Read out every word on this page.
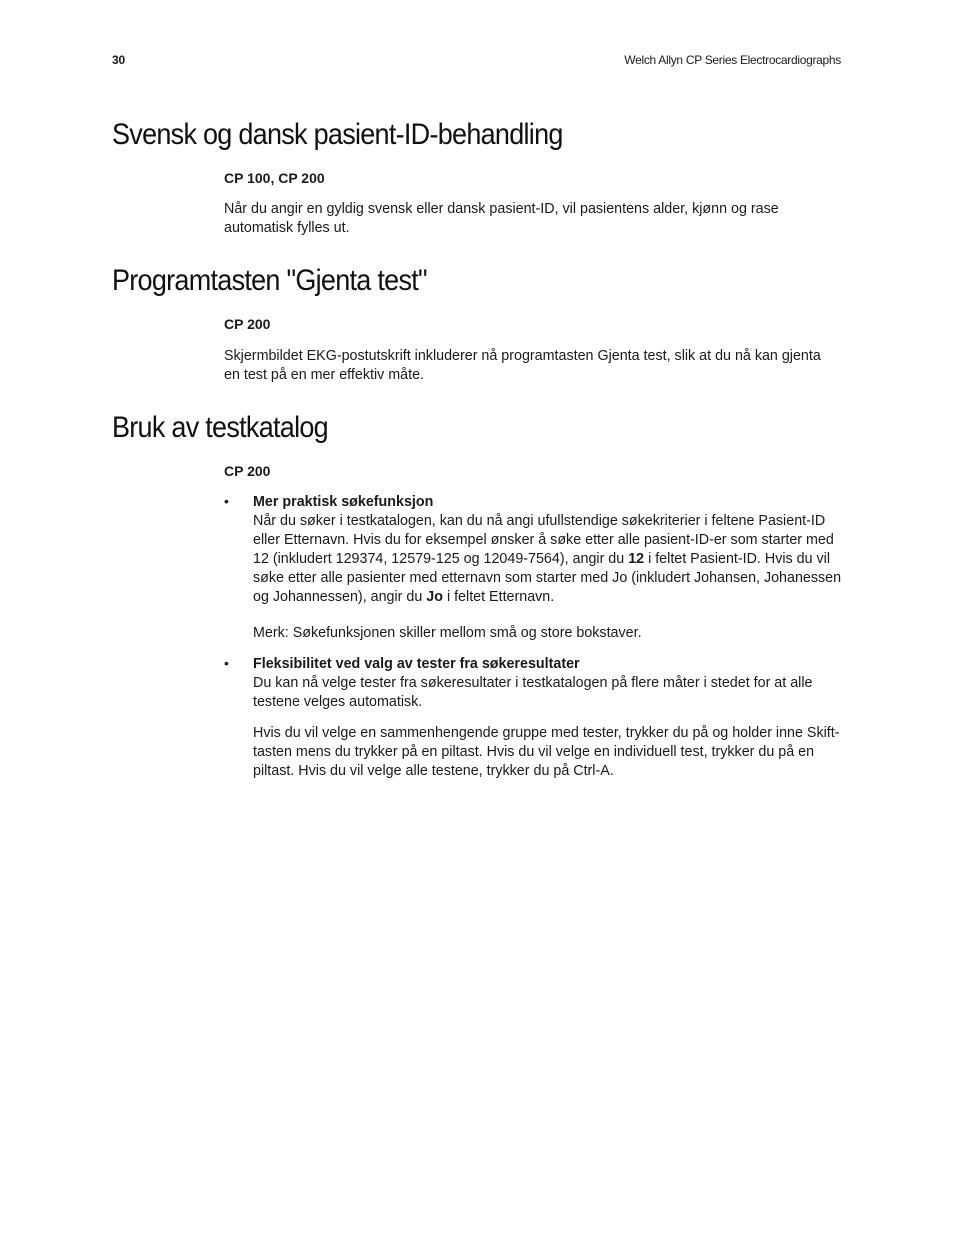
30	Welch Allyn CP Series Electrocardiographs
Svensk og dansk pasient-ID-behandling

CP 100, CP 200

Når du angir en gyldig svensk eller dansk pasient-ID, vil pasientens alder, kjønn og rase automatisk fylles ut.

Programtasten "Gjenta test"

CP 200

Skjermbildet EKG-postutskrift inkluderer nå programtasten Gjenta test, slik at du nå kan gjenta en test på en mer effektiv måte.

Bruk av testkatalog

CP 200

• Mer praktisk søkefunksjon
Når du søker i testkatalogen, kan du nå angi ufullstendige søkekriterier i feltene Pasient-ID eller Etternavn. Hvis du for eksempel ønsker å søke etter alle pasient-ID-er som starter med 12 (inkludert 129374, 12579-125 og 12049-7564), angir du 12 i feltet Pasient-ID. Hvis du vil søke etter alle pasienter med etternavn som starter med Jo (inkludert Johansen, Johanessen og Johannessen), angir du Jo i feltet Etternavn.

Merk: Søkefunksjonen skiller mellom små og store bokstaver.

• Fleksibilitet ved valg av tester fra søkeresultater
Du kan nå velge tester fra søkeresultater i testkatalogen på flere måter i stedet for at alle testene velges automatisk.

Hvis du vil velge en sammenhengende gruppe med tester, trykker du på og holder inne Skift-tasten mens du trykker på en piltast. Hvis du vil velge en individuell test, trykker du på en piltast. Hvis du vil velge alle testene, trykker du på Ctrl-A.
